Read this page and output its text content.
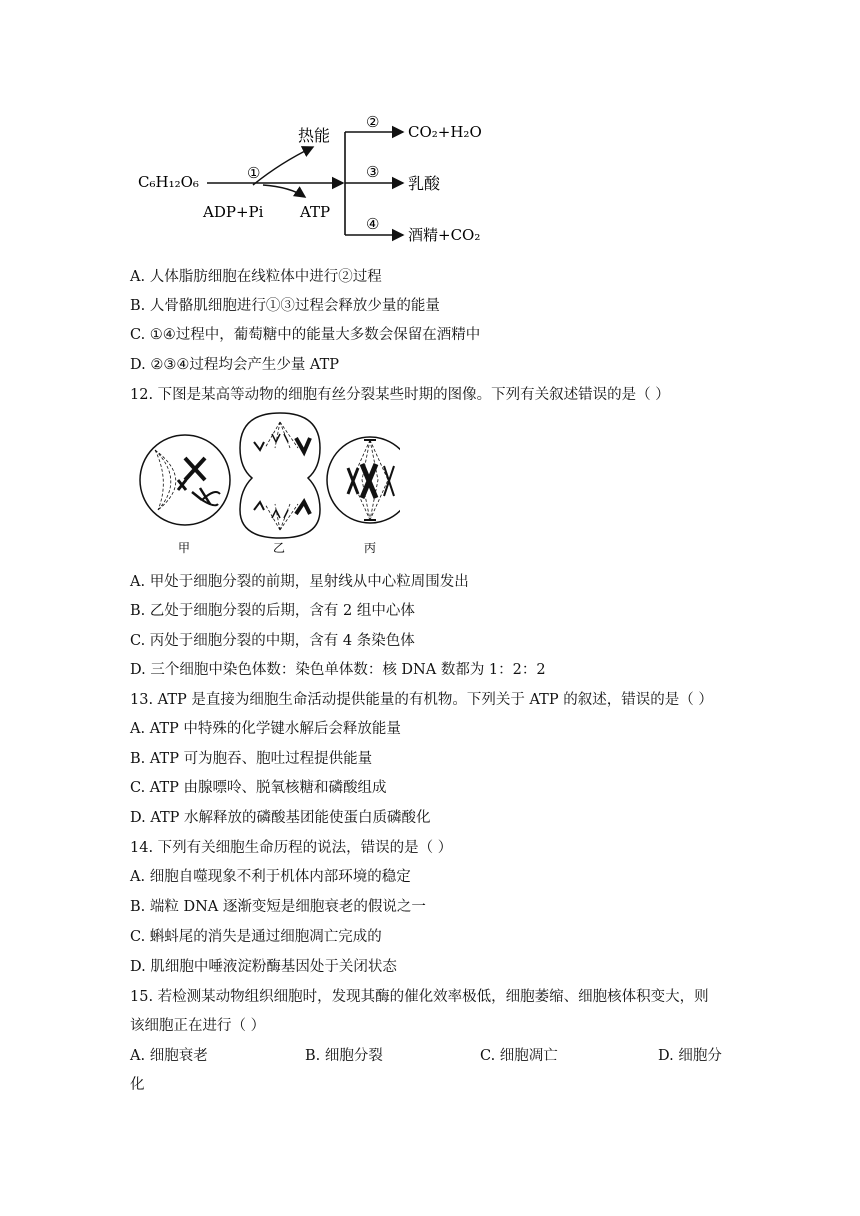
C₆H₁₂O₆	①
热能
ADP+Pi ATP
②
③
④
CO₂+H₂O
乳酸
酒精+CO₂
A. 人体脂肪细胞在线粒体中进行②过程
B. 人骨骼肌细胞进行①③过程会释放少量的能量
C. ①④过程中，葡萄糖中的能量大多数会保留在酒精中
D. ②③④过程均会产生少量 ATP
12. 下图是某高等动物的细胞有丝分裂某些时期的图像。下列有关叙述错误的是（ ）
甲	乙	丙
A. 甲处于细胞分裂的前期，星射线从中心粒周围发出
B. 乙处于细胞分裂的后期，含有 2 组中心体
C. 丙处于细胞分裂的中期，含有 4 条染色体
D. 三个细胞中染色体数：染色单体数：核 DNA 数都为 1：2：2
13. ATP 是直接为细胞生命活动提供能量的有机物。下列关于 ATP 的叙述，错误的是（ ）
A. ATP 中特殊的化学键水解后会释放能量
B. ATP 可为胞吞、胞吐过程提供能量
C. ATP 由腺嘌呤、脱氧核糖和磷酸组成
D. ATP 水解释放的磷酸基团能使蛋白质磷酸化
14. 下列有关细胞生命历程的说法，错误的是（ ）
A. 细胞自噬现象不利于机体内部环境的稳定
B. 端粒 DNA 逐渐变短是细胞衰老的假说之一
C. 蝌蚪尾的消失是通过细胞凋亡完成的
D. 肌细胞中唾液淀粉酶基因处于关闭状态
15. 若检测某动物组织细胞时，发现其酶的催化效率极低，细胞萎缩、细胞核体积变大，则
该细胞正在进行（ ）
A. 细胞衰老	B. 细胞分裂	C. 细胞凋亡	D. 细胞分
化
